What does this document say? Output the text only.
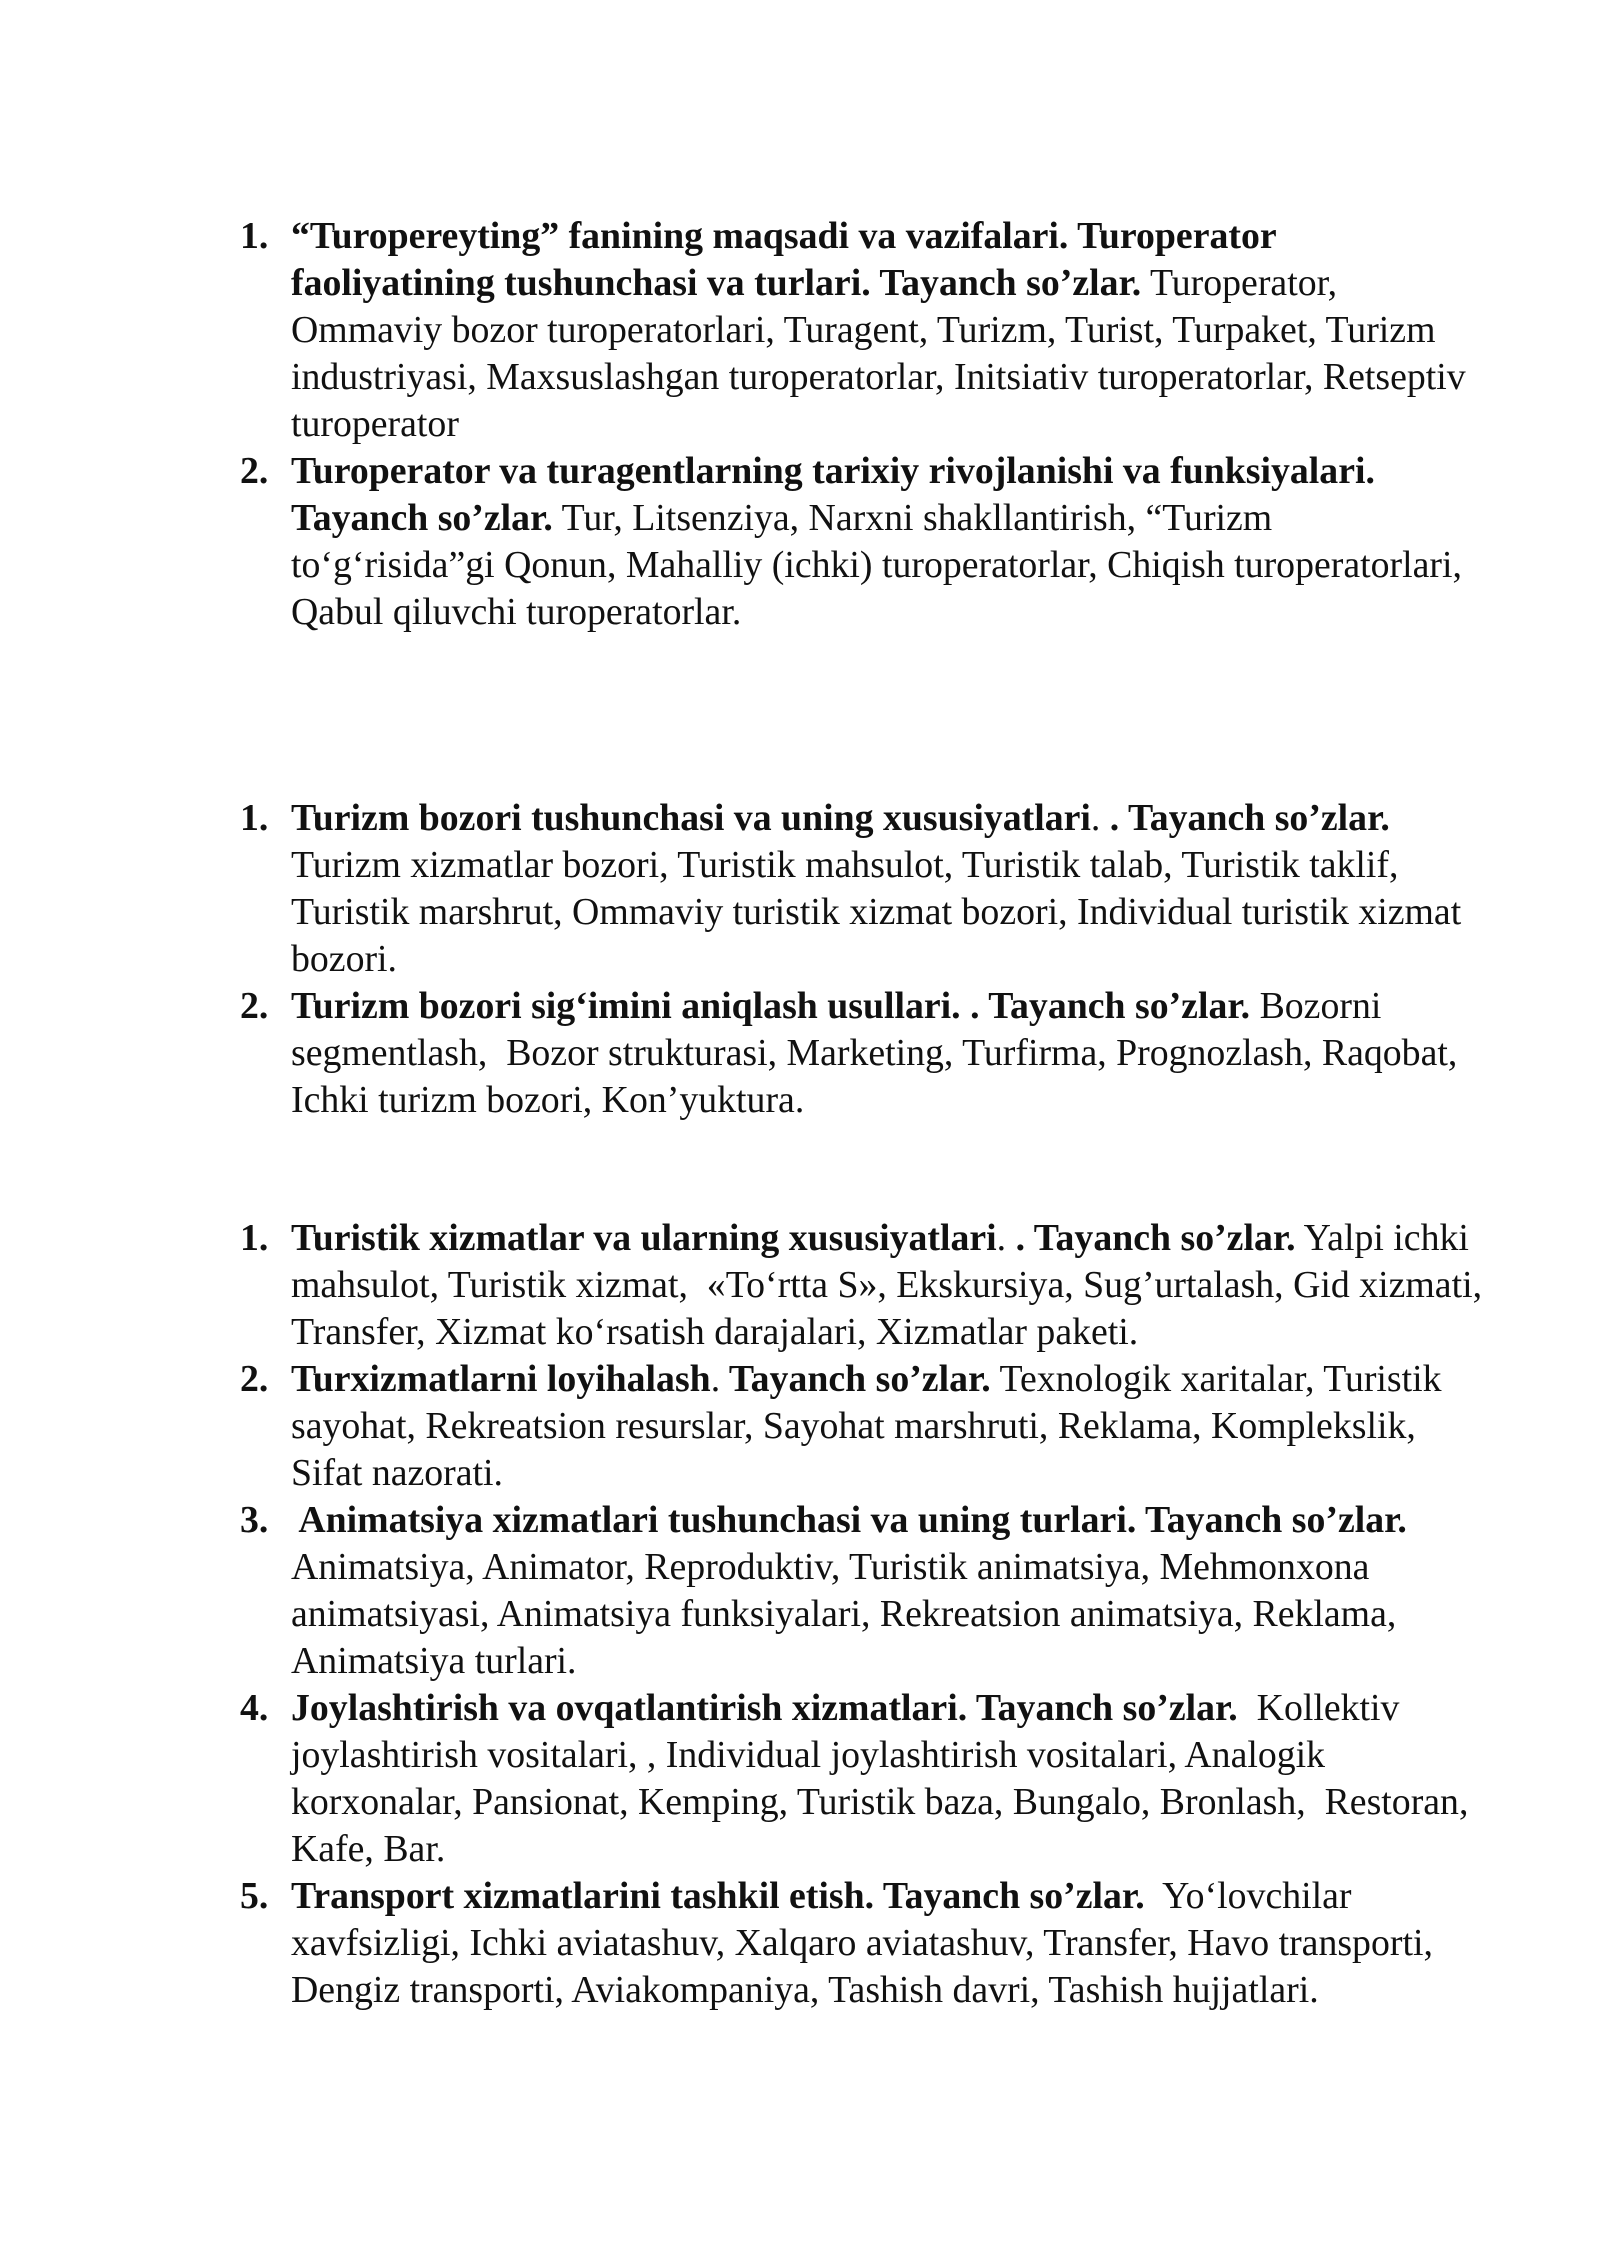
1. “Turopereyting” fanining maqsadi va vazifalari. Turoperator
faoliyatining tushunchasi va turlari. Tayanch so’zlar. Turoperator,
Ommaviy bozor turoperatorlari, Turagent, Turizm, Turist, Turpaket, Turizm
industriyasi, Maxsuslashgan turoperatorlar, Initsiativ turoperatorlar, Retseptiv
turoperator
2. Turoperator va turagentlarning tarixiy rivojlanishi va funksiyalari.
Tayanch so’zlar. Tur, Litsenziya, Narxni shakllantirish, “Turizm
to‘g‘risida”gi Qonun, Mahalliy (ichki) turoperatorlar, Chiqish turoperatorlari,
Qabul qiluvchi turoperatorlar.
1. Turizm bozori tushunchasi va uning xususiyatlari. . Tayanch so’zlar.
Turizm xizmatlar bozori, Turistik mahsulot, Turistik talab, Turistik taklif,
Turistik marshrut, Ommaviy turistik xizmat bozori, Individual turistik xizmat
bozori.
2. Turizm bozori sig‘imini aniqlash usullari. . Tayanch so’zlar. Bozorni
segmentlash,  Bozor strukturasi, Marketing, Turfirma, Prognozlash, Raqobat,
Ichki turizm bozori, Kon’yuktura.
1. Turistik xizmatlar va ularning xususiyatlari. . Tayanch so’zlar. Yalpi ichki
mahsulot, Turistik xizmat,  «To‘rtta S», Ekskursiya, Sug’urtalash, Gid xizmati,
Transfer, Xizmat ko‘rsatish darajalari, Xizmatlar paketi.
2. Turxizmatlarni loyihalash. Tayanch so’zlar. Texnologik xaritalar, Turistik
sayohat, Rekreatsion resurslar, Sayohat marshruti, Reklama, Komplekslik,
Sifat nazorati.
3. Animatsiya xizmatlari tushunchasi va uning turlari. Tayanch so’zlar.
Animatsiya, Animator, Reproduktiv, Turistik animatsiya, Mehmonxona
animatsiyasi, Animatsiya funksiyalari, Rekreatsion animatsiya, Reklama,
Animatsiya turlari.
4. Joylashtirish va ovqatlantirish xizmatlari. Tayanch so’zlar.  Kollektiv
joylashtirish vositalari, , Individual joylashtirish vositalari, Analogik
korxonalar, Pansionat, Kemping, Turistik baza, Bungalo, Bronlash,  Restoran,
Kafe, Bar.
5. Transport xizmatlarini tashkil etish. Tayanch so’zlar.  Yo‘lovchilar
xavfsizligi, Ichki aviatashuv, Xalqaro aviatashuv, Transfer, Havo transporti,
Dengiz transporti, Aviakompaniya, Tashish davri, Tashish hujjatlari.
